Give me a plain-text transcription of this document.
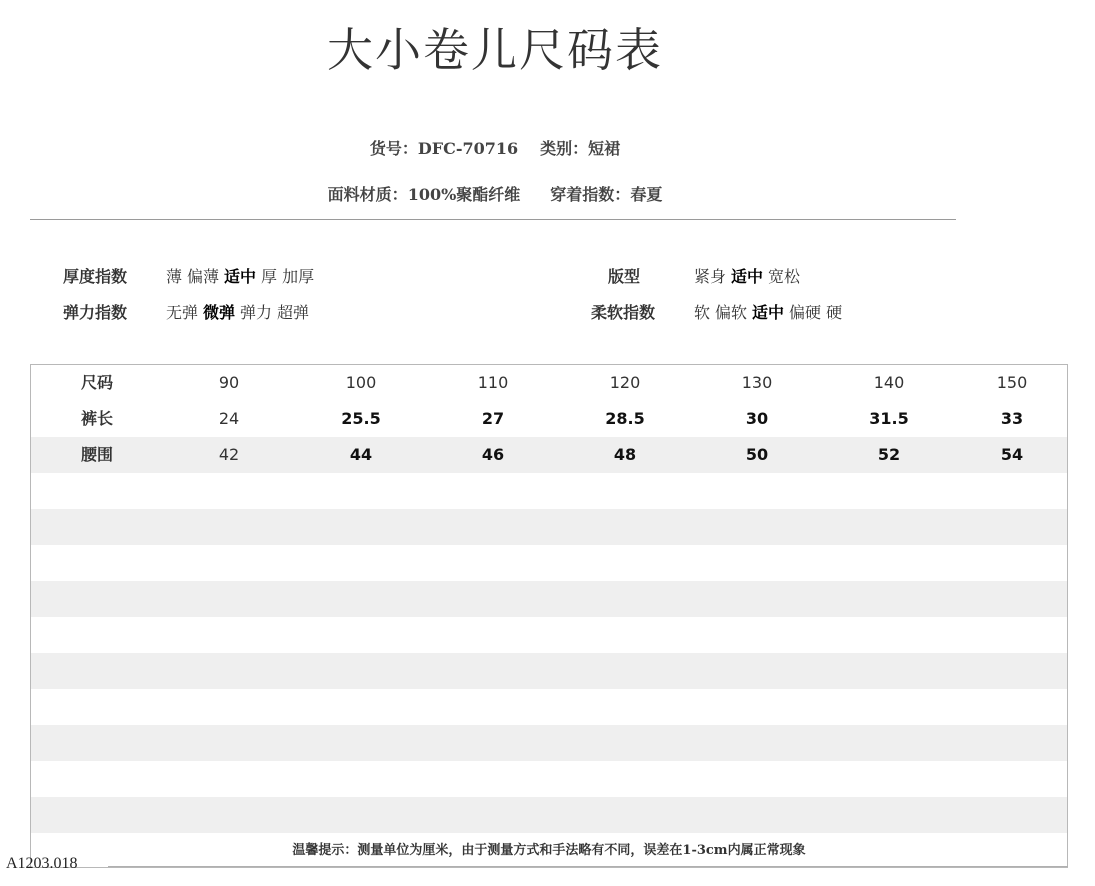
大小卷儿尺码表
货号：DFC-70716 类别：短裙
面料材质：100%聚酯纤维 穿着指数：春夏
厚度指数 薄 偏薄 适中 厚 加厚
弹力指数 无弹 微弹 弹力 超弹
版型	紧身 适中 宽松
柔软指数 软 偏软 适中 偏硬 硬
尺码	90	100	110	120	130	140	150
裤长	24	25.5	27	28.5	30	31.5	33
腰围	42	44	46	48	50	52	54
温馨提示：测量单位为厘米，由于测量方式和手法略有不同，误差在1-3cm内属正常现象
A1203.018
